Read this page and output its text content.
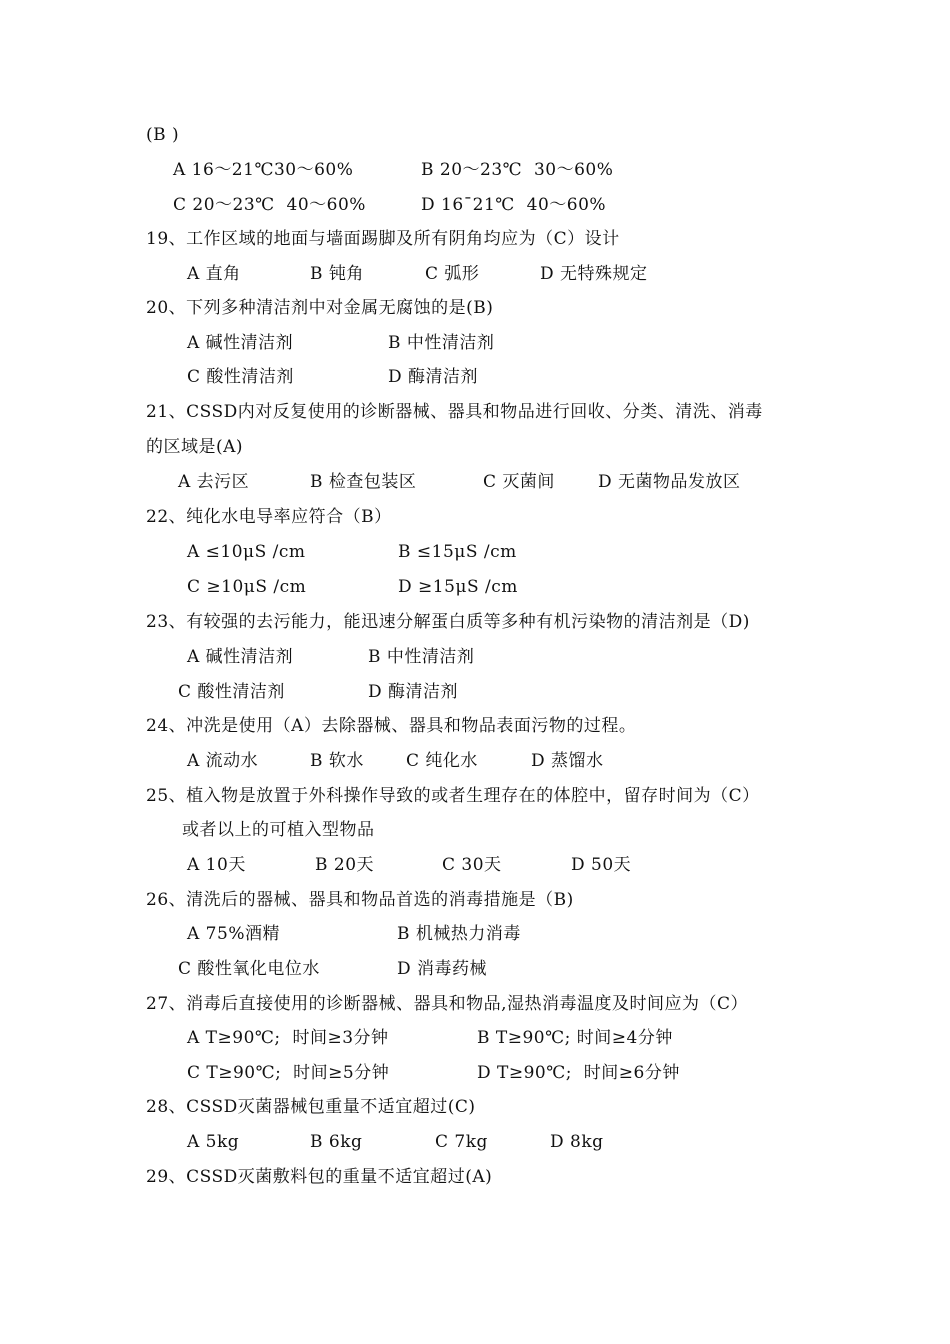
(B )
A 16～21℃30～60%	B 20～23℃  30～60%
C 20～23℃  40～60%	D 16¯21℃  40～60%
19、工作区域的地面与墙面踢脚及所有阴角均应为（C）设计
A 直角	B 钝角	C 弧形	D 无特殊规定
20、下列多种清洁剂中对金属无腐蚀的是(B)
A 碱性清洁剂	B 中性清洁剂
C 酸性清洁剂	D 酶清洁剂
21、CSSD内对反复使用的诊断器械、器具和物品进行回收、分类、清洗、消毒
的区域是(A)
A 去污区	B 检查包装区	C 灭菌间	D 无菌物品发放区
22、纯化水电导率应符合（B）
A ≤10μS /cm	B ≤15μS /cm
C ≥10μS /cm	D ≥15μS /cm
23、有较强的去污能力，能迅速分解蛋白质等多种有机污染物的清洁剂是（D)
A 碱性清洁剂	B 中性清洁剂
C 酸性清洁剂	D 酶清洁剂
24、冲洗是使用（A）去除器械、器具和物品表面污物的过程。
A 流动水	B 软水 C 纯化水	D 蒸馏水
25、植入物是放置于外科操作导致的或者生理存在的体腔中，留存时间为（C）
或者以上的可植入型物品
A 10天	B 20天	C 30天	D 50天
26、清洗后的器械、器具和物品首选的消毒措施是（B)
A 75%酒精	B 机械热力消毒
C 酸性氧化电位水	D 消毒药械
27、消毒后直接使用的诊断器械、器具和物品,湿热消毒温度及时间应为（C）
A T≥90℃;  时间≥3分钟	B T≥90℃; 时间≥4分钟
C T≥90℃;  时间≥5分钟	D T≥90℃;  时间≥6分钟
28、CSSD灭菌器械包重量不适宜超过(C)
A 5kg	B 6kg	C 7kg	D 8kg
29、CSSD灭菌敷料包的重量不适宜超过(A)
